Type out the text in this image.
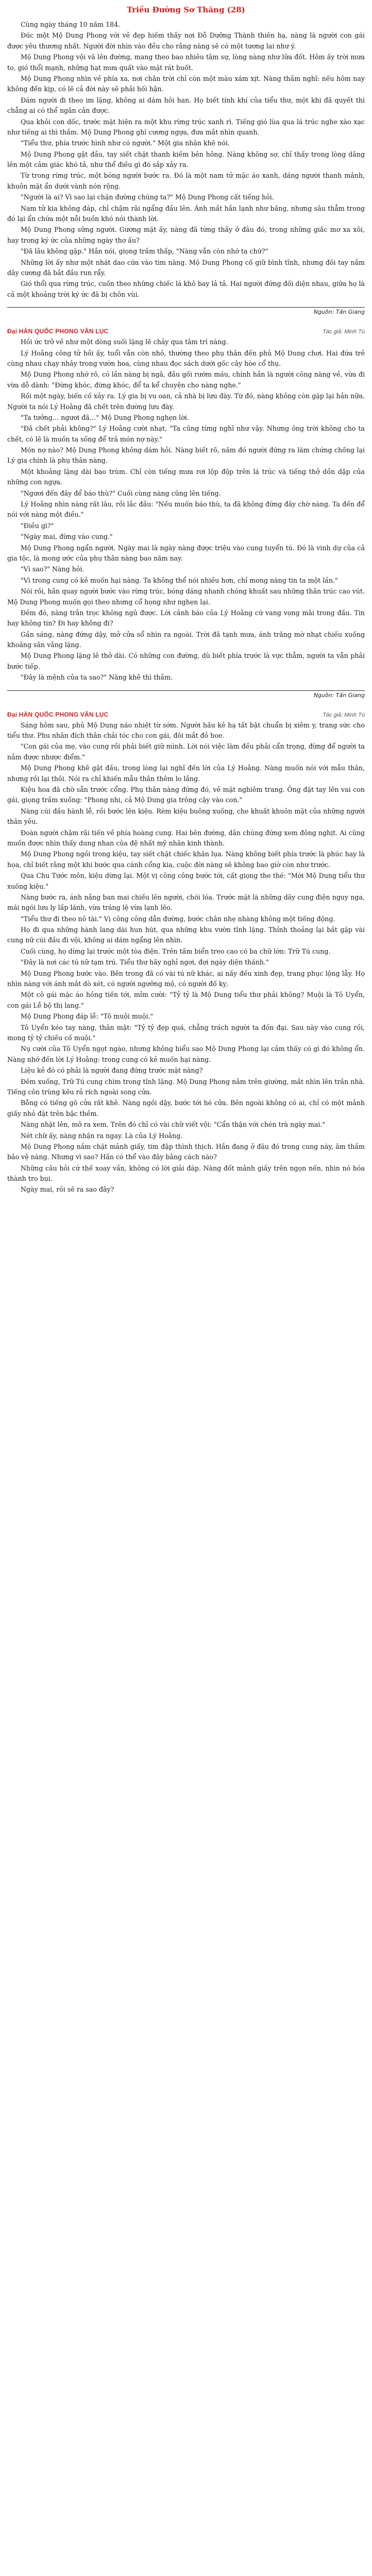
Triều Đường Sơ Thăng (28)

Cùng ngày tháng 10 năm 184.

Đúc một Mộ Dung Phong với vẻ đẹp hiếm thấy nơi Đỗ Dưỡng Thành thiên hạ, nàng là người con gái được yêu thương nhất. Người đời nhìn vào đều cho rằng nàng sẽ có một tương lai như ý.

Mộ Dung Phong vội vã lên đường, mang theo bao nhiêu tâm sự, lòng nàng như lửa đốt. Hôm ấy trời mưa to, gió thổi mạnh, những hạt mưa quất vào mặt rát buốt.

Mộ Dung Phong nhìn về phía xa, nơi chân trời chỉ còn một màu xám xịt. Nàng thầm nghĩ: nếu hôm nay không đến kịp, có lẽ cả đời này sẽ phải hối hận.

Đám người đi theo im lặng, không ai dám hỏi han. Họ biết tính khí của tiểu thư, một khi đã quyết thì chẳng ai có thể ngăn cản được.

Qua khỏi con dốc, trước mặt hiện ra một khu rừng trúc xanh rì. Tiếng gió lùa qua lá trúc nghe xào xạc như tiếng ai thì thầm. Mộ Dung Phong ghì cương ngựa, đưa mắt nhìn quanh.

"Tiểu thư, phía trước hình như có người." Một gia nhân khẽ nói.

Mộ Dung Phong gật đầu, tay siết chặt thanh kiếm bên hông. Nàng không sợ, chỉ thấy trong lòng dâng lên một cảm giác khó tả, như thể điều gì đó sắp xảy ra.

Từ trong rừng trúc, một bóng người bước ra. Đó là một nam tử mặc áo xanh, dáng người thanh mảnh, khuôn mặt ẩn dưới vành nón rộng.

"Người là ai? Vì sao lại chặn đường chúng ta?" Mộ Dung Phong cất tiếng hỏi.

Nam tử kia không đáp, chỉ chậm rãi ngẩng đầu lên. Ánh mắt hắn lạnh như băng, nhưng sâu thẳm trong đó lại ẩn chứa một nỗi buồn khó nói thành lời.

Mộ Dung Phong sững người. Gương mặt ấy, nàng đã từng thấy ở đâu đó, trong những giấc mơ xa xôi, hay trong ký ức của những ngày thơ ấu?

"Đã lâu không gặp." Hắn nói, giọng trầm thấp, "Nàng vẫn còn nhớ ta chứ?"

Những lời ấy như một nhát dao cứa vào tim nàng. Mộ Dung Phong cố giữ bình tĩnh, nhưng đôi tay nắm dây cương đã bắt đầu run rẩy.

Gió thổi qua rừng trúc, cuốn theo những chiếc lá khô bay lả tả. Hai người đứng đối diện nhau, giữa họ là cả một khoảng trời ký ức đã bị chôn vùi.

Nguồn: Tấn Giang
Đại HÀN QUỐC PHONG VĂN LỤC	Tác giả: Minh Tú

Hồi ức trở về như một dòng suối lặng lẽ chảy qua tâm trí nàng.

Lý Hoằng công tử hồi ấy, tuổi vẫn còn nhỏ, thường theo phụ thân đến phủ Mộ Dung chơi. Hai đứa trẻ cùng nhau chạy nhảy trong vườn hoa, cùng nhau đọc sách dưới gốc cây hòe cổ thụ.

Mộ Dung Phong nhớ rõ, có lần nàng bị ngã, đầu gối rướm máu, chính hắn là người cõng nàng về, vừa đi vừa dỗ dành: "Đừng khóc, đừng khóc, để ta kể chuyện cho nàng nghe."

Rồi một ngày, biến cố xảy ra. Lý gia bị vu oan, cả nhà bị lưu đày. Từ đó, nàng không còn gặp lại hắn nữa. Người ta nói Lý Hoằng đã chết trên đường lưu đày.

"Ta tưởng… ngươi đã…" Mộ Dung Phong nghẹn lời.

"Đã chết phải không?" Lý Hoằng cười nhạt, "Ta cũng từng nghĩ như vậy. Nhưng ông trời không cho ta chết, có lẽ là muốn ta sống để trả món nợ này."

Món nợ nào? Mộ Dung Phong không dám hỏi. Nàng biết rõ, năm đó người đứng ra làm chứng chống lại Lý gia chính là phụ thân nàng.

Một khoảng lặng dài bao trùm. Chỉ còn tiếng mưa rơi lộp độp trên lá trúc và tiếng thở dồn dập của những con ngựa.

"Ngươi đến đây để báo thù?" Cuối cùng nàng cũng lên tiếng.

Lý Hoằng nhìn nàng rất lâu, rồi lắc đầu: "Nếu muốn báo thù, ta đã không đứng đây chờ nàng. Ta đến để nói với nàng một điều."

"Điều gì?"

"Ngày mai, đừng vào cung."

Mộ Dung Phong ngẩn người. Ngày mai là ngày nàng được triệu vào cung tuyển tú. Đó là vinh dự của cả gia tộc, là mong ước của phụ thân nàng bao năm nay.

"Vì sao?" Nàng hỏi.

"Vì trong cung có kẻ muốn hại nàng. Ta không thể nói nhiều hơn, chỉ mong nàng tin ta một lần."

Nói rồi, hắn quay người bước vào rừng trúc, bóng dáng nhanh chóng khuất sau những thân trúc cao vút. Mộ Dung Phong muốn gọi theo nhưng cổ họng như nghẹn lại.

Đêm đó, nàng trằn trọc không ngủ được. Lời cảnh báo của Lý Hoằng cứ vang vọng mãi trong đầu. Tin hay không tin? Đi hay không đi?

Gần sáng, nàng đứng dậy, mở cửa sổ nhìn ra ngoài. Trời đã tạnh mưa, ánh trăng mờ nhạt chiếu xuống khoảng sân vắng lặng.

Mộ Dung Phong lặng lẽ thở dài. Có những con đường, dù biết phía trước là vực thẳm, người ta vẫn phải bước tiếp.

"Đây là mệnh của ta sao?" Nàng khẽ thì thầm.

Nguồn: Tấn Giang
Đại HÀN QUỐC PHONG VĂN LỤC	Tác giả: Minh Tú

Sáng hôm sau, phủ Mộ Dung náo nhiệt từ sớm. Người hầu kẻ hạ tất bật chuẩn bị xiêm y, trang sức cho tiểu thư. Phu nhân đích thân chải tóc cho con gái, đôi mắt đỏ hoe.

"Con gái của mẹ, vào cung rồi phải biết giữ mình. Lời nói việc làm đều phải cẩn trọng, đừng để người ta nắm được nhược điểm."

Mộ Dung Phong khẽ gật đầu, trong lòng lại nghĩ đến lời của Lý Hoằng. Nàng muốn nói với mẫu thân, nhưng rồi lại thôi. Nói ra chỉ khiến mẫu thân thêm lo lắng.

Kiệu hoa đã chờ sẵn trước cổng. Phụ thân nàng đứng đó, vẻ mặt nghiêm trang. Ông đặt tay lên vai con gái, giọng trầm xuống: "Phong nhi, cả Mộ Dung gia trông cậy vào con."

Nàng cúi đầu hành lễ, rồi bước lên kiệu. Rèm kiệu buông xuống, che khuất khuôn mặt của những người thân yêu.

Đoàn người chậm rãi tiến về phía hoàng cung. Hai bên đường, dân chúng đứng xem đông nghịt. Ai cũng muốn được nhìn thấy dung nhan của đệ nhất mỹ nhân kinh thành.

Mộ Dung Phong ngồi trong kiệu, tay siết chặt chiếc khăn lụa. Nàng không biết phía trước là phúc hay là họa, chỉ biết rằng một khi bước qua cánh cổng kia, cuộc đời nàng sẽ không bao giờ còn như trước.

Qua Chu Tước môn, kiệu dừng lại. Một vị công công bước tới, cất giọng the thé: "Mời Mộ Dung tiểu thư xuống kiệu."

Nàng bước ra, ánh nắng ban mai chiếu lên người, chói lóa. Trước mặt là những dãy cung điện nguy nga, mái ngói lưu ly lấp lánh, vừa tráng lệ vừa lạnh lẽo.

"Tiểu thư đi theo nô tài." Vị công công dẫn đường, bước chân nhẹ nhàng không một tiếng động.

Họ đi qua những hành lang dài hun hút, qua những khu vườn tĩnh lặng. Thỉnh thoảng lại bắt gặp vài cung nữ cúi đầu đi vội, không ai dám ngẩng lên nhìn.

Cuối cùng, họ dừng lại trước một tòa điện. Trên tấm biển treo cao có ba chữ lớn: Trữ Tú cung.

"Đây là nơi các tú nữ tạm trú. Tiểu thư hãy nghỉ ngơi, đợi ngày diện thánh."

Mộ Dung Phong bước vào. Bên trong đã có vài tú nữ khác, ai nấy đều xinh đẹp, trang phục lộng lẫy. Họ nhìn nàng với ánh mắt dò xét, có người ngưỡng mộ, có người đố kỵ.

Một cô gái mặc áo hồng tiến tới, mỉm cười: "Tỷ tỷ là Mộ Dung tiểu thư phải không? Muội là Tô Uyển, con gái Lễ bộ thị lang."

Mộ Dung Phong đáp lễ: "Tô muội muội."

Tô Uyển kéo tay nàng, thân mật: "Tỷ tỷ đẹp quá, chẳng trách người ta đồn đại. Sau này vào cung rồi, mong tỷ tỷ chiếu cố muội."

Nụ cười của Tô Uyển ngọt ngào, nhưng không hiểu sao Mộ Dung Phong lại cảm thấy có gì đó không ổn. Nàng nhớ đến lời Lý Hoằng: trong cung có kẻ muốn hại nàng.

Liệu kẻ đó có phải là người đang đứng trước mặt nàng?

Đêm xuống, Trữ Tú cung chìm trong tĩnh lặng. Mộ Dung Phong nằm trên giường, mắt nhìn lên trần nhà. Tiếng côn trùng kêu rả rích ngoài song cửa.

Bỗng có tiếng gõ cửa rất khẽ. Nàng ngồi dậy, bước tới hé cửa. Bên ngoài không có ai, chỉ có một mảnh giấy nhỏ đặt trên bậc thềm.

Nàng nhặt lên, mở ra xem. Trên đó chỉ có vài chữ viết vội: "Cẩn thận với chén trà ngày mai."

Nét chữ ấy, nàng nhận ra ngay. Là của Lý Hoằng.

Mộ Dung Phong nắm chặt mảnh giấy, tim đập thình thịch. Hắn đang ở đâu đó trong cung này, âm thầm bảo vệ nàng. Nhưng vì sao? Hắn có thể vào đây bằng cách nào?

Những câu hỏi cứ thế xoay vần, không có lời giải đáp. Nàng đốt mảnh giấy trên ngọn nến, nhìn nó hóa thành tro bụi.

Ngày mai, rồi sẽ ra sao đây?
